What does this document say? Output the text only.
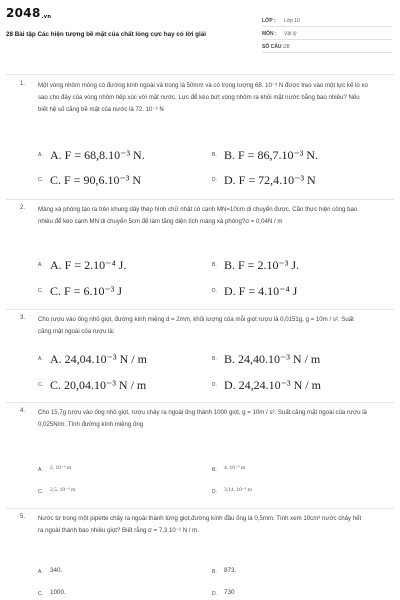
$2048_{.vn}$
28 Bài tập Các hiện tượng bề mặt của chất lỏng cực hay có lời giải
LỚP : Lớp 10
MÔN : Vật lý
SỐ CÂU : 28
1. Một vòng nhôm mỏng có đường kính ngoài và trong là 50mm và có trọng lượng 68. 10⁻³ N được treo vào một lực kế lò xo sao cho đáy của vòng nhôm tiếp xúc với mặt nước. Lực để kéo bứt vòng nhôm ra khỏi mặt nước bằng bao nhiêu? Nếu biết hệ số căng bề mặt của nước là 72. 10⁻³ N
A. A. F = 68,8.10⁻³ N.	B. B. F = 86,7.10⁻³ N.
C. C. F = 90,6.10⁻³ N	D. D. F = 72,4.10⁻³ N
2. Màng xà phòng tạo ra trên khung dây thép hình chữ nhật có cạnh MN=10cm di chuyển được. Cần thực hiện công bao nhiêu để kéo cạnh MN di chuyển 5cm để làm tăng diện tích màng xà phòng?σ = 0,04N / m
A. A. F = 2.10⁻⁴ J.	B. B. F = 2.10⁻³ J.
C. C. F = 6.10⁻³ J	D. D. F = 4.10⁻⁴ J
3. Cho rượu vào ống nhỏ giọt, đường kính miệng d = 2mm, khối lượng của mỗi giọt rượu là 0,0151g, g = 10m / s². Suất căng mặt ngoài của rượu là:
A. A. 24,04.10⁻³ N / m	B. B. 24,40.10⁻³ N / m
C. C. 20,04.10⁻³ N / m	D. D. 24,24.10⁻³ N / m
4. Cho 15,7g rượu vào ống nhỏ giọt, rượu chảy ra ngoài ống thành 1000 giọt, g = 10m / s². Suất căng mặt ngoài của rượu là 0,025N/m. Tính đường kính miệng ống
A. 2. 10⁻³ m	B. 4. 10⁻³ m
C. 2,5. 10⁻³ m	D. 3,14. 10⁻³ m
5. Nước từ trong một pipette chảy ra ngoài thành từng giọt,đường kính đầu ống là 0,5mm. Tính xem 10cm³ nước chảy hết ra ngoài thành bao nhiêu giọt? Biết rằng σ = 7,3.10⁻² N / m.
A. 340.	B. 873.
C. 1000.	D. 730
